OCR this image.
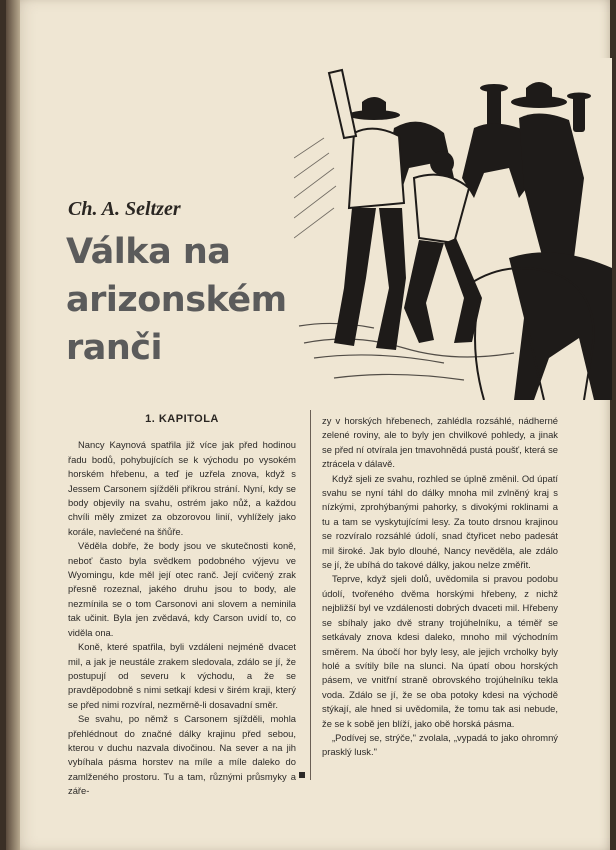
Ch. A. Seltzer
Válka na arizonském ranči
1. KAPITOLA

Nancy Kaynová spatřila již více jak před hodinou řadu bodů, pohybujících se k východu po vysokém horském hřebenu, a teď je uzřela znova, když s Jessem Carsonem sjížděli příkrou strání. Nyní, kdy se body objevily na svahu, ostrém jako nůž, a každou chvíli měly zmizet za obzorovou linií, vyhlížely jako korále, navlečené na šňůře.

Věděla dobře, že body jsou ve skutečnosti koně, neboť často byla svědkem podobného výjevu ve Wyomingu, kde měl její otec ranč. Její cvičený zrak přesně rozeznal, jakého druhu jsou to body, ale nezmínila se o tom Carsonovi ani slovem a neminila tak učinit. Byla jen zvědavá, kdy Carson uvidí to, co viděla ona.

Koně, které spatřila, byli vzdáleni nejméně dvacet mil, a jak je neustále zrakem sledovala, zdálo se jí, že postupují od severu k východu, a že se pravděpodobně s nimi setkají kdesi v širém kraji, který se před nimi rozvíral, nezměrně-li dosavadní směr.

Se svahu, po němž s Carsonem sjížděli, mohla přehlédnout do značné dálky krajinu před sebou, kterou v duchu nazvala divočinou. Na sever a na jih vybíhala pásma horstev na míle a míle daleko do zamlženého prostoru. Tu a tam, různými průsmyky a záře-

zy v horských hřebenech, zahlédla rozsáhlé, nádherné zelené roviny, ale to byly jen chvilkové pohledy, a jinak se před ní otvírala jen tmavohnědá pustá poušť, která se ztrácela v dálavě.

Když sjeli ze svahu, rozhled se úplně změnil. Od úpatí svahu se nyní táhl do dálky mnoha mil zvlněný kraj s nízkými, zprohýbanými pahorky, s divokými roklinami a tu a tam se vyskytujícími lesy. Za touto drsnou krajinou se rozvíralo rozsáhlé údolí, snad čtyřicet nebo padesát mil široké. Jak bylo dlouhé, Nancy nevěděla, ale zdálo se jí, že ubíhá do takové dálky, jakou nelze změřit.

Teprve, když sjeli dolů, uvědomila si pravou podobu údolí, tvořeného dvěma horskými hřebeny, z nichž nejbližší byl ve vzdálenosti dobrých dvaceti mil. Hřebeny se sbíhaly jako dvě strany trojúhelníku, a téměř se setkávaly znova kdesi daleko, mnoho mil východním směrem. Na úbočí hor byly lesy, ale jejich vrcholky byly holé a svítily bíle na slunci. Na úpatí obou horských pásem, ve vnitřní straně obrovského trojúhelníku tekla voda. Zdálo se jí, že se oba potoky kdesi na východě stýkají, ale hned si uvědomila, že tomu tak asi nebude, že se k sobě jen blíží, jako obě horská pásma.

„Podívej se, strýče," zvolala, „vypadá to jako ohromný prasklý lusk."
